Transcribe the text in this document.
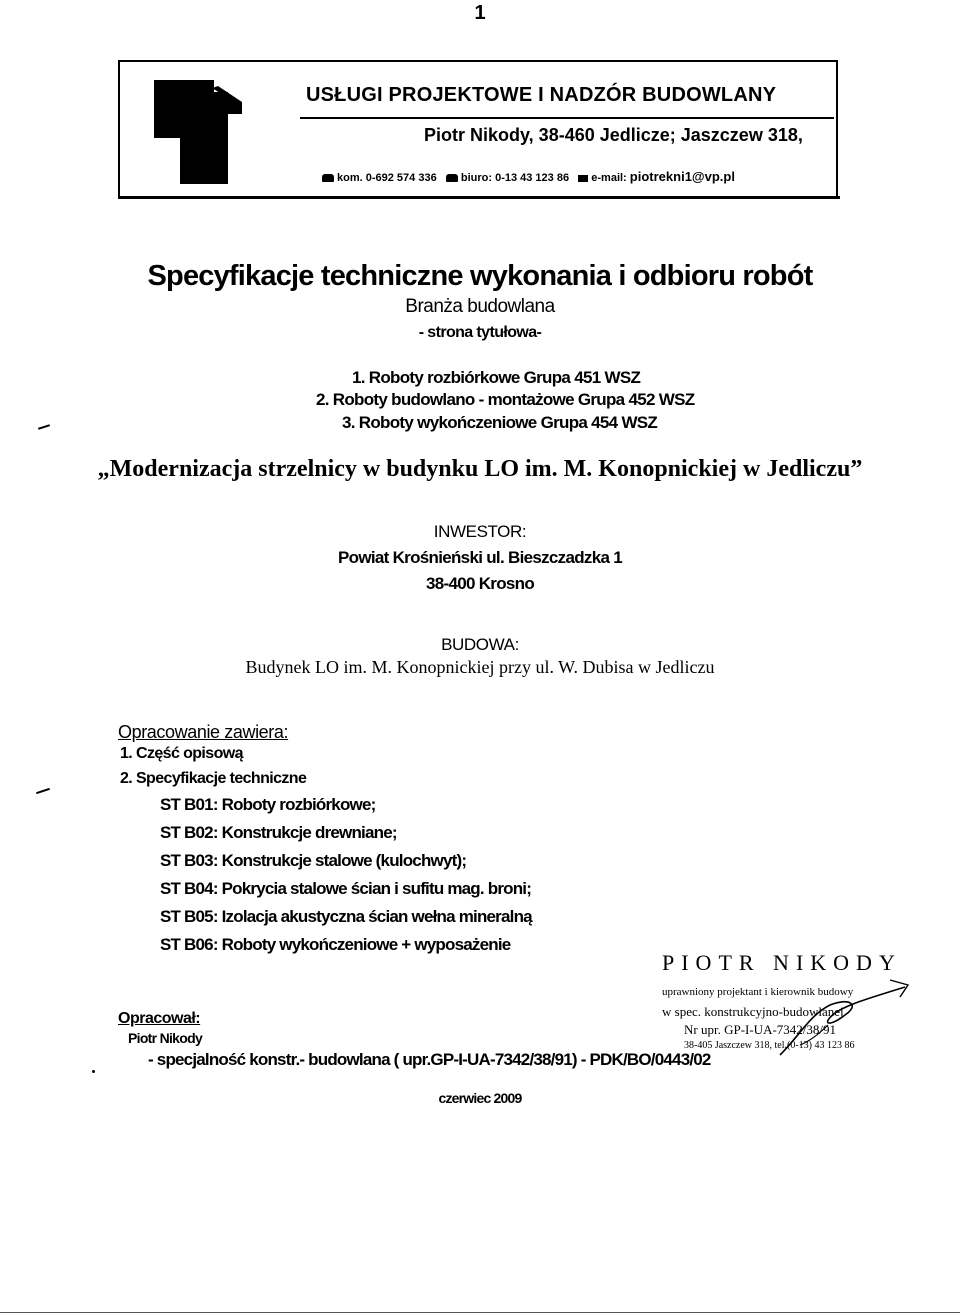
1
USŁUGI PROJEKTOWE I NADZÓR BUDOWLANY
Piotr Nikody, 38-460 Jedlicze; Jaszczew 318,
kom. 0-692 574 336 biuro: 0-13 43 123 86 e-mail: piotrekni1@vp.pl
Specyfikacje techniczne wykonania i odbioru robót
Branża budowlana
- strona tytułowa-
1. Roboty rozbiórkowe Grupa 451 WSZ
2. Roboty budowlano - montażowe Grupa 452 WSZ
3. Roboty wykończeniowe Grupa 454 WSZ
„Modernizacja strzelnicy w budynku LO im. M. Konopnickiej w Jedliczu”
INWESTOR:
Powiat Krośnieński ul. Bieszczadzka 1
38-400 Krosno
BUDOWA:
Budynek LO im. M. Konopnickiej przy ul. W. Dubisa w Jedliczu
Opracowanie zawiera:
1. Część opisową
2. Specyfikacje techniczne
ST B01: Roboty rozbiórkowe;
ST B02: Konstrukcje drewniane;
ST B03: Konstrukcje stalowe (kulochwyt);
ST B04: Pokrycia stalowe ścian i sufitu mag. broni;
ST B05: Izolacja akustyczna ścian wełna mineralną
ST B06: Roboty wykończeniowe + wyposażenie
PIOTR NIKODY
uprawniony projektant i kierownik budowy
w spec. konstrukcyjno-budowlanej
Nr upr. GP-I-UA-7342/38/91
38-405 Jaszczew 318, tel.(0-13) 43 123 86
Opracował:
Piotr Nikody
- specjalność konstr.- budowlana ( upr.GP-I-UA-7342/38/91) - PDK/BO/0443/02
czerwiec 2009
